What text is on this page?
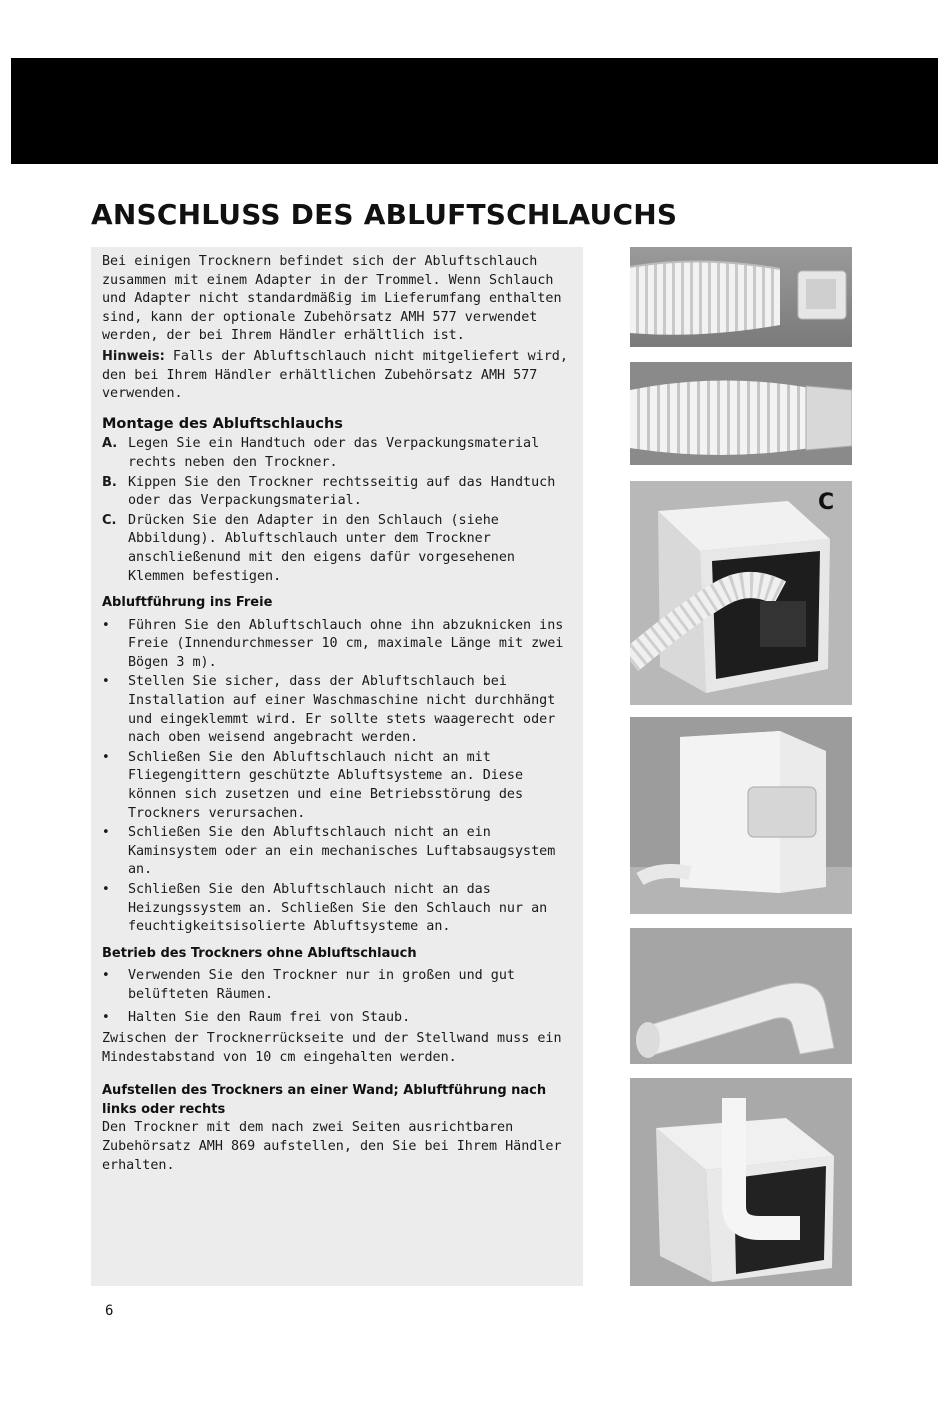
ANSCHLUSS DES ABLUFTSCHLAUCHS

Bei einigen Trocknern befindet sich der Abluftschlauch zusammen mit einem Adapter in der Trommel. Wenn Schlauch und Adapter nicht standardmäßig im Lieferumfang enthalten sind, kann der optionale Zubehörsatz AMH 577 verwendet werden, der bei Ihrem Händler erhältlich ist.

Hinweis: Falls der Abluftschlauch nicht mitgeliefert wird, den bei Ihrem Händler erhältlichen Zubehörsatz AMH 577 verwenden.

Montage des Abluftschlauchs

A. Legen Sie ein Handtuch oder das Verpackungsmaterial rechts neben den Trockner.
B. Kippen Sie den Trockner rechtsseitig auf das Handtuch oder das Verpackungsmaterial.
C. Drücken Sie den Adapter in den Schlauch (siehe Abbildung). Abluftschlauch unter dem Trockner anschließenund mit den eigens dafür vorgesehenen Klemmen befestigen.

Abluftführung ins Freie

•	Führen Sie den Abluftschlauch ohne ihn abzuknicken ins Freie (Innendurchmesser 10 cm, maximale Länge mit zwei Bögen 3 m).
•	Stellen Sie sicher, dass der Abluftschlauch bei Installation auf einer Waschmaschine nicht durchhängt und eingeklemmt wird. Er sollte stets waagerecht oder nach oben weisend angebracht werden.
•	Schließen Sie den Abluftschlauch nicht an mit Fliegengittern geschützte Abluftsysteme an. Diese können sich zusetzen und eine Betriebsstörung des Trockners verursachen.
•	Schließen Sie den Abluftschlauch nicht an ein Kaminsystem oder an ein mechanisches Luftabsaugsystem an.
•	Schließen Sie den Abluftschlauch nicht an das Heizungssystem an. Schließen Sie den Schlauch nur an feuchtigkeitsisolierte Abluftsysteme an.

Betrieb des Trockners ohne Abluftschlauch

•	Verwenden Sie den Trockner nur in großen und gut belüfteten Räumen.
•	Halten Sie den Raum frei von Staub.

Zwischen der Trocknerrückseite und der Stellwand muss ein Mindestabstand von 10 cm eingehalten werden.

Aufstellen des Trockners an einer Wand; Abluftführung nach links oder rechts

Den Trockner mit dem nach zwei Seiten ausrichtbaren Zubehörsatz AMH 869 aufstellen, den Sie bei Ihrem Händler erhalten.

C
6
